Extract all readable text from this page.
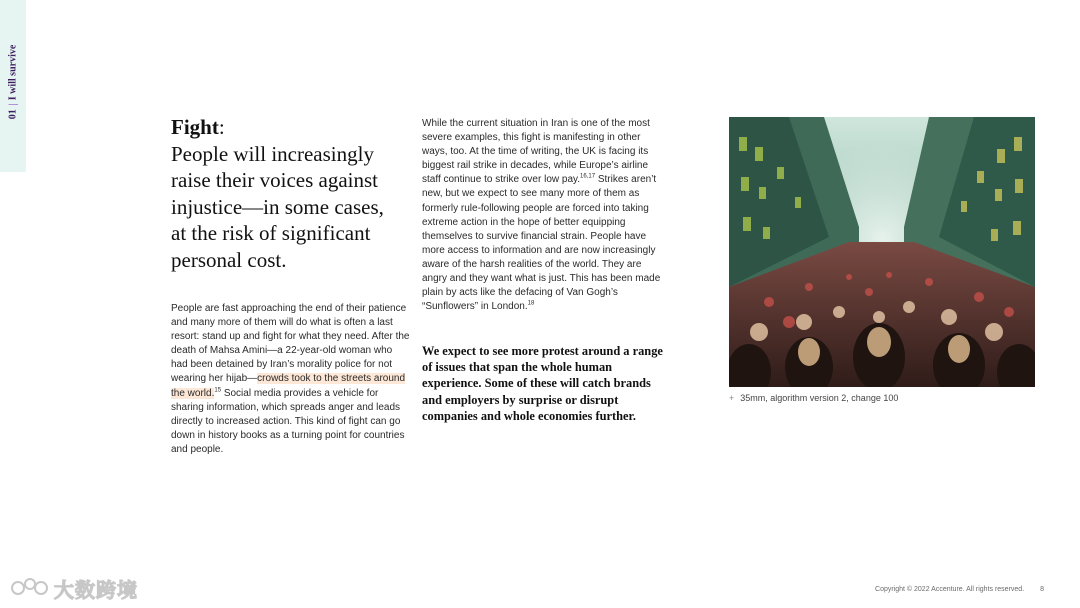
01|I will survive
Fight:
People will increasingly raise their voices against injustice—in some cases, at the risk of significant personal cost.
People are fast approaching the end of their patience and many more of them will do what is often a last resort: stand up and fight for what they need. After the death of Mahsa Amini—a 22-year-old woman who had been detained by Iran’s morality police for not wearing her hijab—crowds took to the streets around the world.$^{15}$ Social media provides a vehicle for sharing information, which spreads anger and leads directly to increased action. This kind of fight can go down in history books as a turning point for countries and people.
While the current situation in Iran is one of the most severe examples, this fight is manifesting in other ways, too. At the time of writing, the UK is facing its biggest rail strike in decades, while Europe’s airline staff continue to strike over low pay.$^{16,17}$ Strikes aren’t new, but we expect to see many more of them as formerly rule-following people are forced into taking extreme action in the hope of better equipping themselves to survive financial strain. People have more access to information and are now increasingly aware of the harsh realities of the world. They are angry and they want what is just. This has been made plain by acts like the defacing of Van Gogh’s “Sunflowers” in London.$^{18}$
We expect to see more protest around a range of issues that span the whole human experience. Some of these will catch brands and employers by surprise or disrupt companies and whole economies further.
+ 35mm, algorithm version 2, change 100
Copyright © 2022 Accenture. All rights reserved. 8
大数跨境
